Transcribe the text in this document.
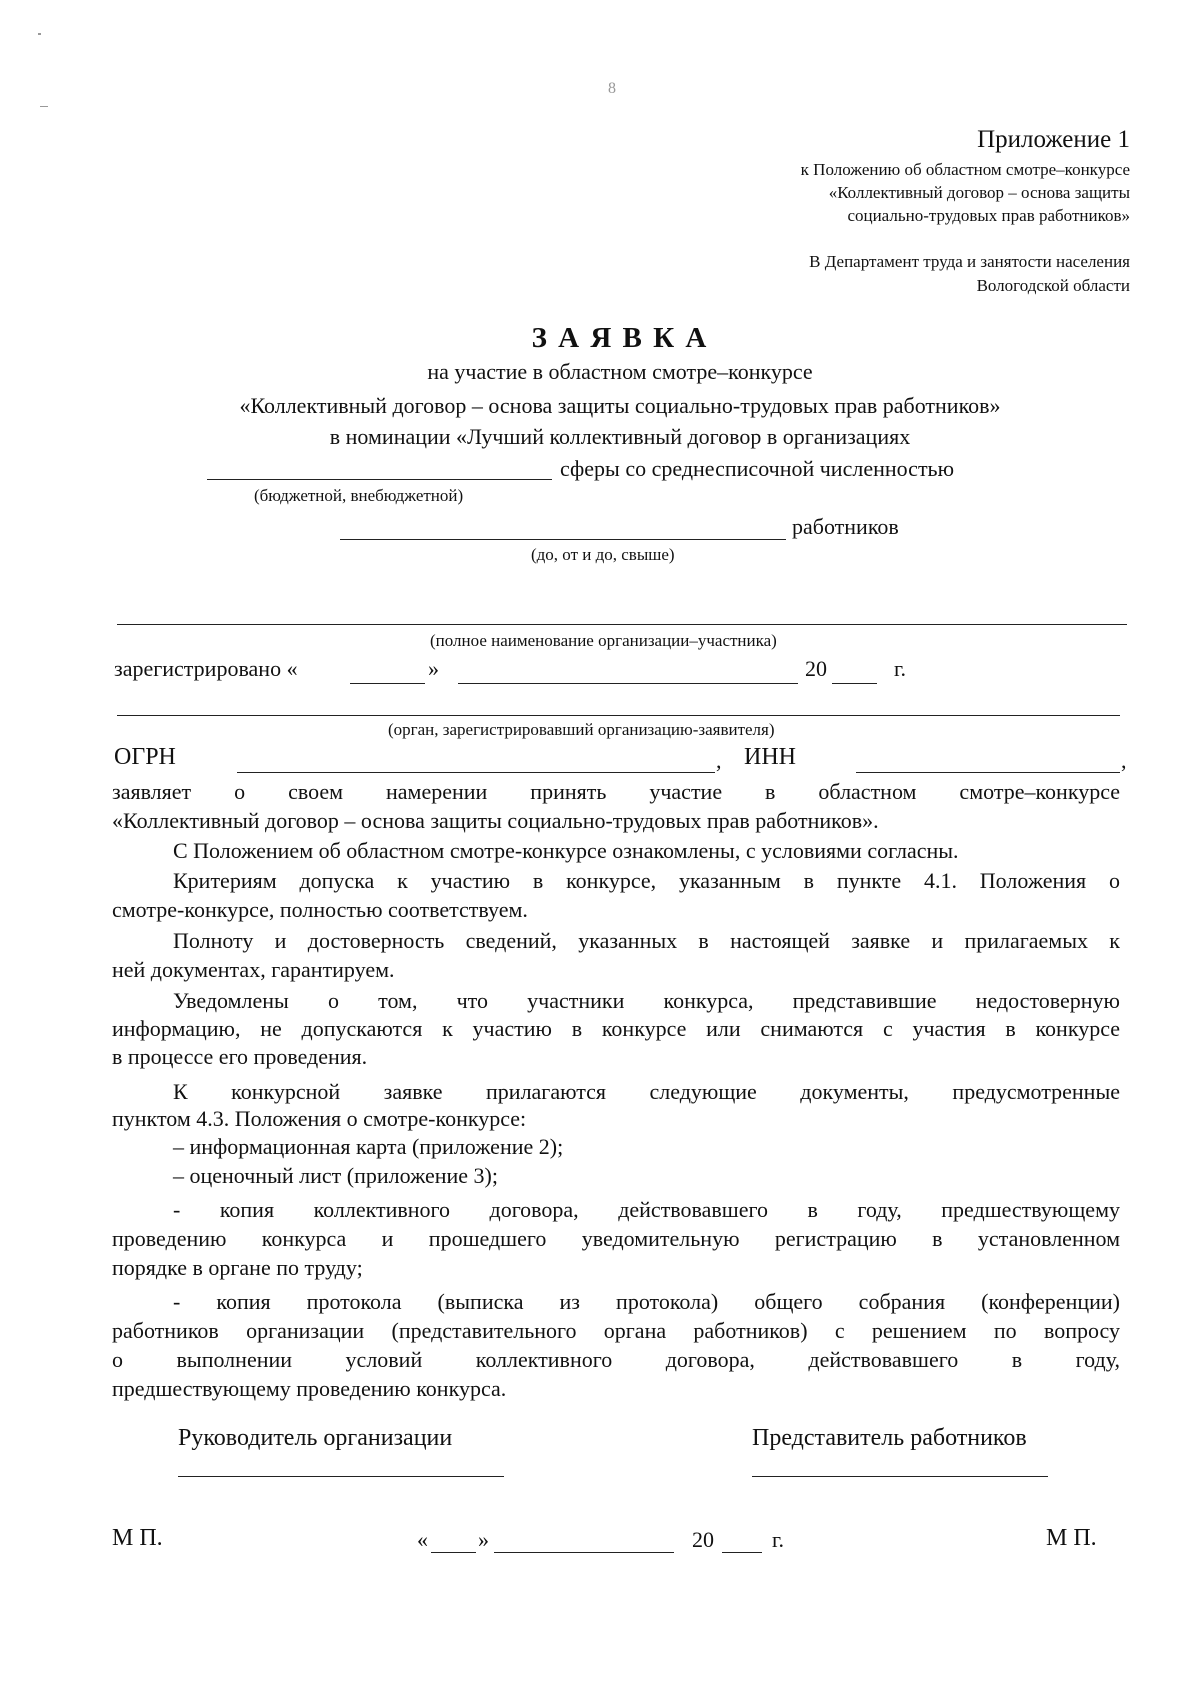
8
Приложение 1
к Положению об областном смотре–конкурсе
«Коллективный договор – основа защиты
социально-трудовых прав работников»
В Департамент труда и занятости населения
Вологодской области
З А Я В К А
на участие в областном смотре–конкурсе
«Коллективный договор – основа защиты социально-трудовых прав работников»
в номинации «Лучший коллективный договор в организациях
сферы со среднесписочной численностью
(бюджетной, внебюджетной)
работников
(до, от и до, свыше)
(полное наименование организации–участника)
зарегистрировано «	»	20	г.
(орган, зарегистрировавший организацию-заявителя)
ОГРН	, ИНН	,
заявляет о своем намерении принять участие в областном смотре–конкурсе
«Коллективный договор – основа защиты социально-трудовых прав работников».
С Положением об областном смотре-конкурсе ознакомлены, с условиями согласны.
Критериям допуска к участию в конкурсе, указанным в пункте 4.1. Положения о
смотре-конкурсе, полностью соответствуем.
Полноту и достоверность сведений, указанных в настоящей заявке и прилагаемых к
ней документах, гарантируем.
Уведомлены о том, что участники конкурса, представившие недостоверную
информацию, не допускаются к участию в конкурсе или снимаются с участия в конкурсе
в процессе его проведения.
К конкурсной заявке прилагаются следующие документы, предусмотренные
пунктом 4.3. Положения о смотре-конкурсе:
– информационная карта (приложение 2);
– оценочный лист (приложение 3);
- копия коллективного договора, действовавшего в году, предшествующему
проведению конкурса и прошедшего уведомительную регистрацию в установленном
порядке в органе по труду;
- копия протокола (выписка из протокола) общего собрания (конференции)
работников организации (представительного органа работников) с решением по вопросу
о выполнении условий коллективного договора, действовавшего в году,
предшествующему проведению конкурса.
Руководитель организации	Представитель работников
М П.	« »	20	г.	М П.
